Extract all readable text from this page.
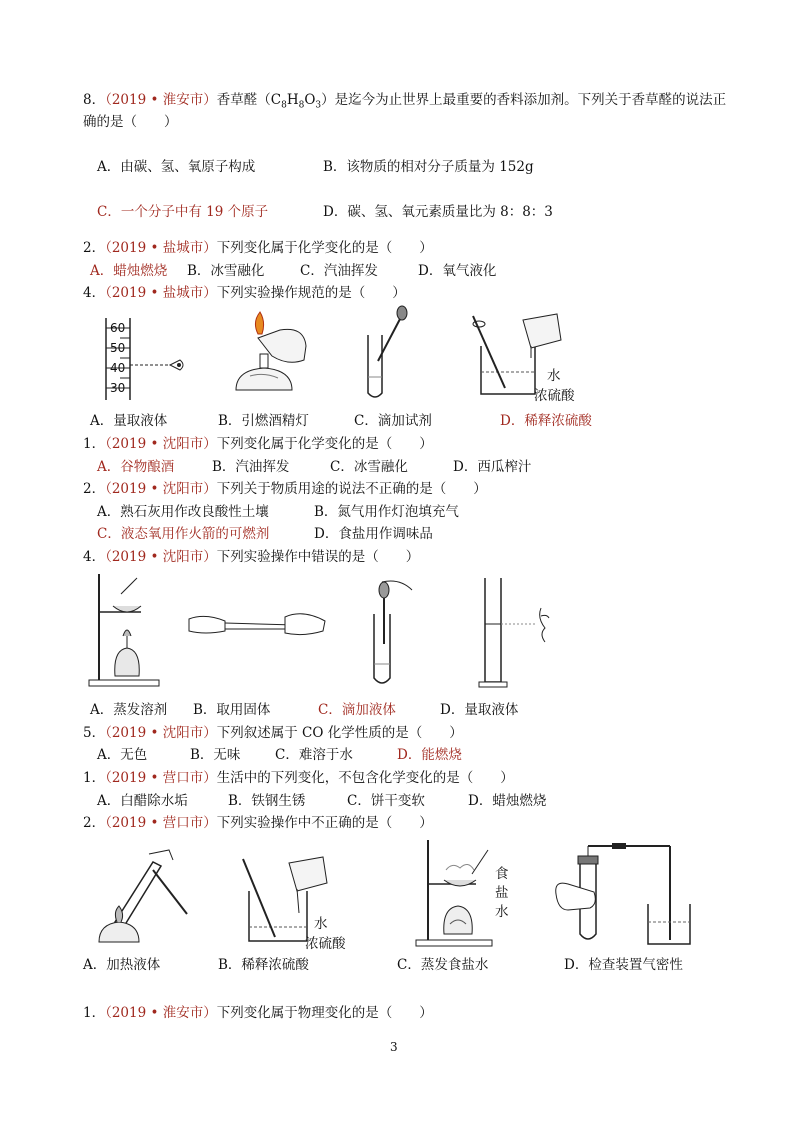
8．（2019 • 淮安市）香草醛$(C_8H_8O_3)$是迄今为止世界上最重要的香料添加剂。下列关于香草醛的说法正
确的是（　　）
A．由碳、氢、氧原子构成	B．该物质的相对分子质量为 152g
C．一个分子中有 19 个原子	D．碳、氢、氧元素质量比为 8：8：3
2．（2019 • 盐城市）下列变化属于化学变化的是（　　）
A．蜡烛燃烧 B．冰雪融化	C．汽油挥发	D．氧气液化
4．（2019 • 盐城市）下列实验操作规范的是（　　）
60
50
40
30
水
浓硫酸
A．量取液体	B．引燃酒精灯	C．滴加试剂	D．稀释浓硫酸
1．（2019 • 沈阳市）下列变化属于化学变化的是（　　）
A．谷物酿酒	B．汽油挥发	C．冰雪融化	D．西瓜榨汁
2．（2019 • 沈阳市）下列关于物质用途的说法不正确的是（　　）
A．熟石灰用作改良酸性土壤	B．氮气用作灯泡填充气
C．液态氧用作火箭的可燃剂	D．食盐用作调味品
4．（2019 • 沈阳市）下列实验操作中错误的是（　　）
A．蒸发溶剂 B．取用固体	C．滴加液体	D．量取液体
5．（2019 • 沈阳市）下列叙述属于 CO 化学性质的是（　　）
A．无色	B．无味	C．难溶于水	D．能燃烧
1．（2019 • 营口市）生活中的下列变化，不包含化学变化的是（　　）
A．白醋除水垢	B．铁钢生锈	C．饼干变软	D．蜡烛燃烧
2．（2019 • 营口市）下列实验操作中不正确的是（　　）
水
浓硫酸
食
盐
水
A．加热液体	B．稀释浓硫酸	C．蒸发食盐水	D．检查装置气密性
1．（2019 • 淮安市）下列变化属于物理变化的是（　　）
3
